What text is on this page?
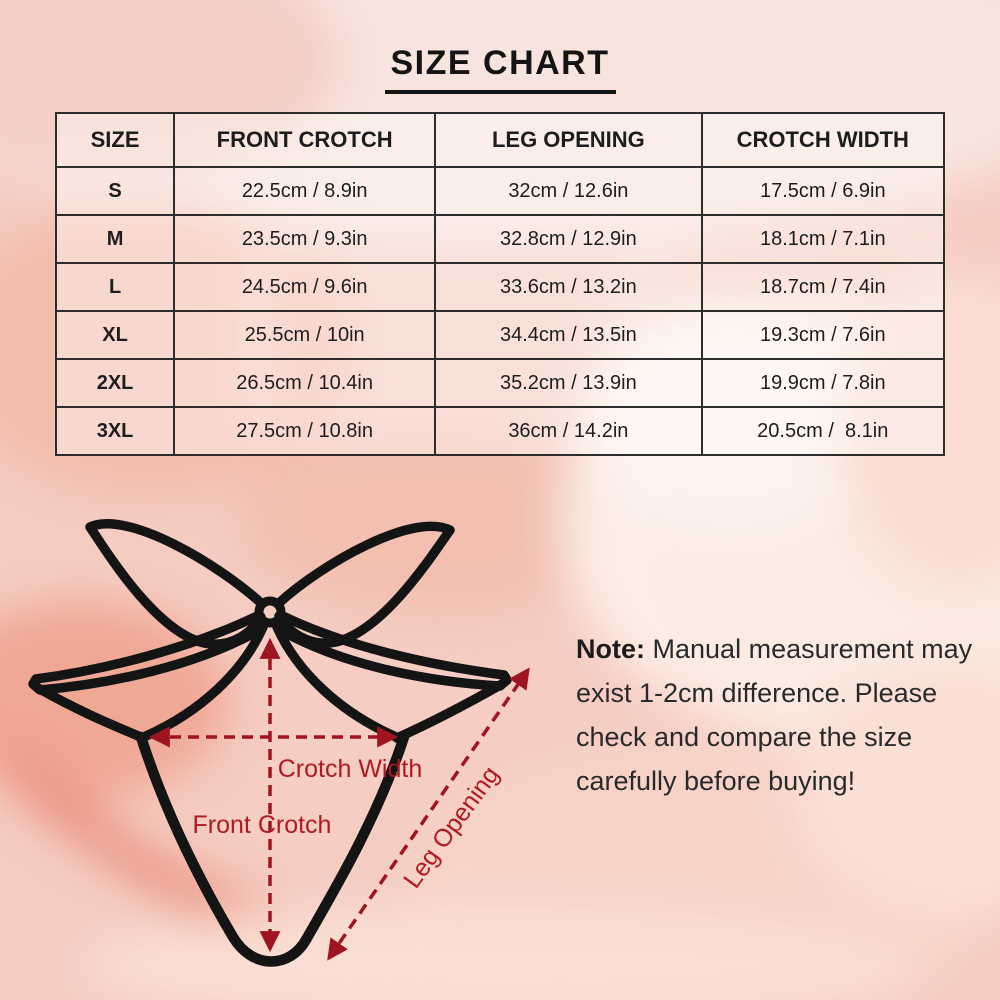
SIZE CHART
SIZE	FRONT CROTCH	LEG OPENING	CROTCH WIDTH
S	22.5cm / 8.9in	32cm / 12.6in	17.5cm / 6.9in
M	23.5cm / 9.3in	32.8cm / 12.9in	18.1cm / 7.1in
L	24.5cm / 9.6in	33.6cm / 13.2in	18.7cm / 7.4in
XL	25.5cm / 10in	34.4cm / 13.5in	19.3cm / 7.6in
2XL	26.5cm / 10.4in	35.2cm / 13.9in	19.9cm / 7.8in
3XL	27.5cm / 10.8in	36cm / 14.2in	20.5cm /  8.1in
Crotch Width
Front Crotch	Leg Opening
Note: Manual measurement may
exist 1-2cm difference. Please
check and compare the size
carefully before buying!
